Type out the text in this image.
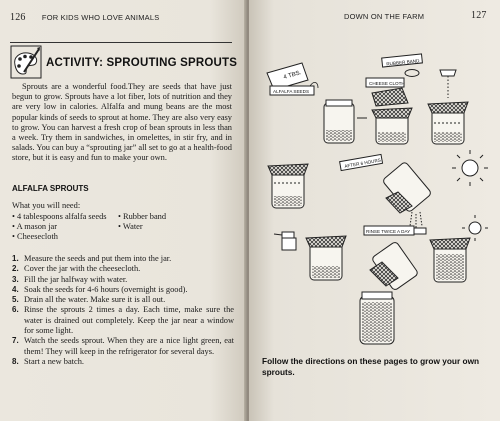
126 FOR KIDS WHO LOVE ANIMALS
ACTIVITY: SPROUTING SPROUTS

Sprouts are a wonderful food.They are seeds that have just begun to grow. Sprouts have a lot fiber, lots of nutrition and they are very low in calories. Alfalfa and mung beans are the most popular kinds of seeds to sprout at home. They are also very easy to grow. You can harvest a fresh crop of bean sprouts in less than a week. Try them in sandwiches, in omelettes, in stir fry, and in salads. You can buy a “sprouting jar” all set to go at a health-food store, but it is easy and fun to make your own.

ALFALFA SPROUTS
What you will need:
• 4 tablespoons alfalfa seeds • Rubber band
• A mason jar	• Water
• Cheesecloth
1. Measure the seeds and put them into the jar.
2. Cover the jar with the cheesecloth.
3. Fill the jar halfway with water.
4. Soak the seeds for 4-6 hours (overnight is good).
5. Drain all the water. Make sure it is all out.
6. Rinse the sprouts 2 times a day. Each time, make sure the water is drained out completely. Keep the jar near a window for some light.
7. Watch the seeds sprout. When they are a nice light green, eat them! They will keep in the refrigerator for several days.
8. Start a new batch.
DOWN ON THE FARM	127
4 TBS.
ALFALFA SEEDS
RUBBER BAND
CHEESE CLOTH
AFTER 6 HOURS
RINSE TWICE A DAY
Follow the directions on these pages to grow your own sprouts.
